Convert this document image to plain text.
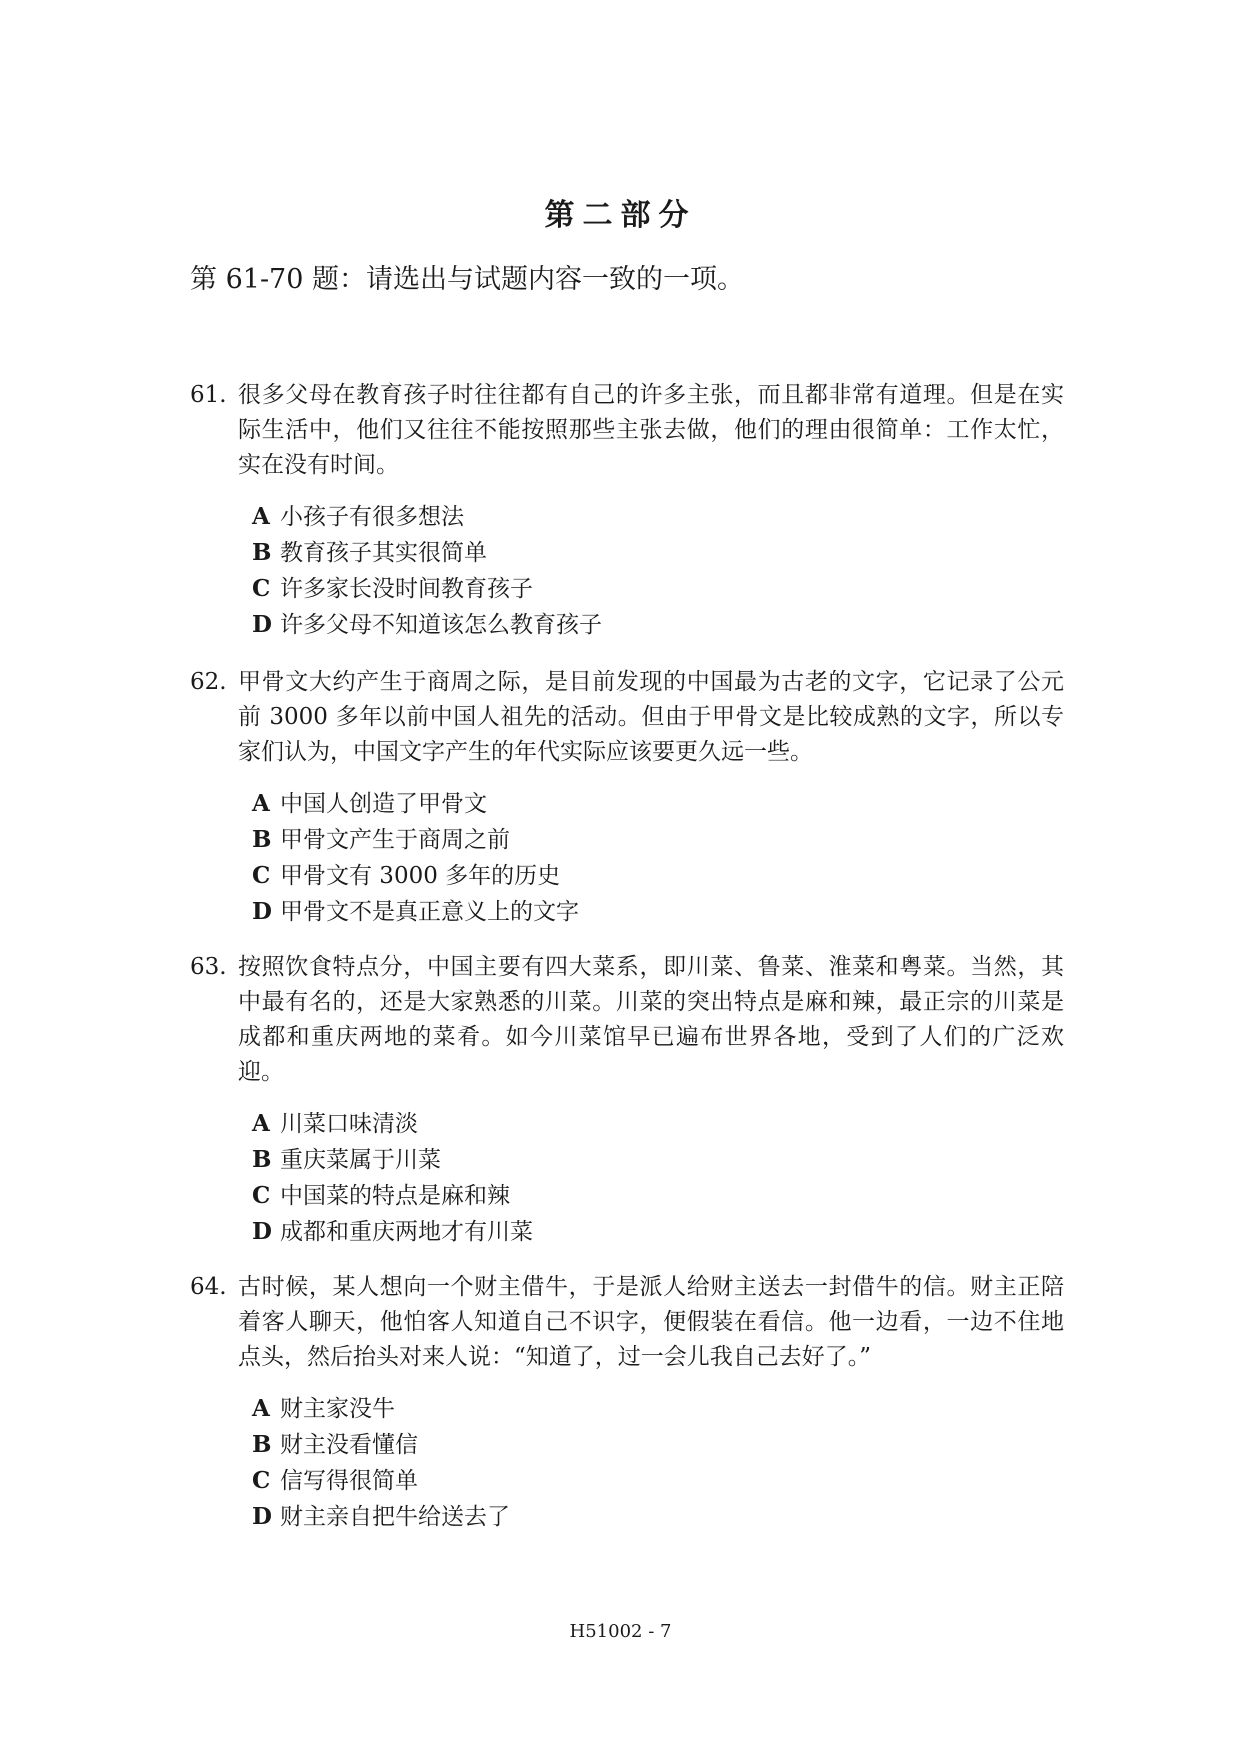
第二部分
第 61-70 题：请选出与试题内容一致的一项。
61. 很多父母在教育孩子时往往都有自己的许多主张，而且都非常有道理。但是在实际生活中，他们又往往不能按照那些主张去做，他们的理由很简单：工作太忙，实在没有时间。

A 小孩子有很多想法
B 教育孩子其实很简单
C 许多家长没时间教育孩子
D 许多父母不知道该怎么教育孩子
62. 甲骨文大约产生于商周之际，是目前发现的中国最为古老的文字，它记录了公元前 3000 多年以前中国人祖先的活动。但由于甲骨文是比较成熟的文字，所以专家们认为，中国文字产生的年代实际应该要更久远一些。

A 中国人创造了甲骨文
B 甲骨文产生于商周之前
C 甲骨文有 3000 多年的历史
D 甲骨文不是真正意义上的文字
63. 按照饮食特点分，中国主要有四大菜系，即川菜、鲁菜、淮菜和粤菜。当然，其中最有名的，还是大家熟悉的川菜。川菜的突出特点是麻和辣，最正宗的川菜是成都和重庆两地的菜肴。如今川菜馆早已遍布世界各地，受到了人们的广泛欢迎。

A 川菜口味清淡
B 重庆菜属于川菜
C 中国菜的特点是麻和辣
D 成都和重庆两地才有川菜
64. 古时候，某人想向一个财主借牛，于是派人给财主送去一封借牛的信。财主正陪着客人聊天，他怕客人知道自己不识字，便假装在看信。他一边看，一边不住地点头，然后抬头对来人说：“知道了，过一会儿我自己去好了。”

A 财主家没牛
B 财主没看懂信
C 信写得很简单
D 财主亲自把牛给送去了
H51002 - 7
